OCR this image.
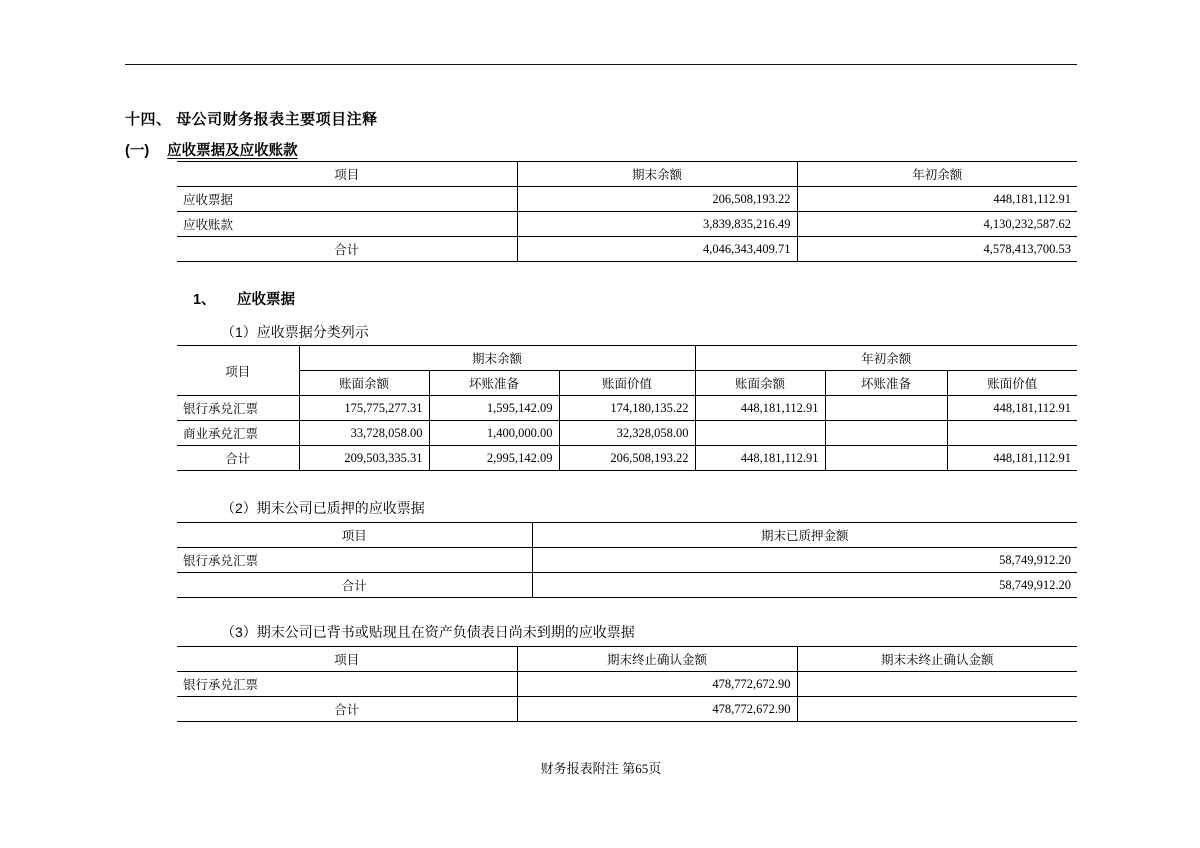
十四、 母公司财务报表主要项目注释
(一) 应收票据及应收账款
项目	期末余额	年初余额
应收票据	206,508,193.22	448,181,112.91
应收账款	3,839,835,216.49	4,130,232,587.62
合计	4,046,343,409.71	4,578,413,700.53
1、 应收票据
（1）应收票据分类列示
项目	期末余额			年初余额		
	账面余额	坏账准备	账面价值	账面余额	坏账准备	账面价值
银行承兑汇票	175,775,277.31	1,595,142.09	174,180,135.22	448,181,112.91		448,181,112.91
商业承兑汇票	33,728,058.00	1,400,000.00	32,328,058.00			
合计	209,503,335.31	2,995,142.09	206,508,193.22	448,181,112.91		448,181,112.91
（2）期末公司已质押的应收票据
项目	期末已质押金额
银行承兑汇票	58,749,912.20
合计	58,749,912.20
（3）期末公司已背书或贴现且在资产负债表日尚未到期的应收票据
项目	期末终止确认金额	期末未终止确认金额
银行承兑汇票	478,772,672.90	
合计	478,772,672.90	
财务报表附注 第65页
